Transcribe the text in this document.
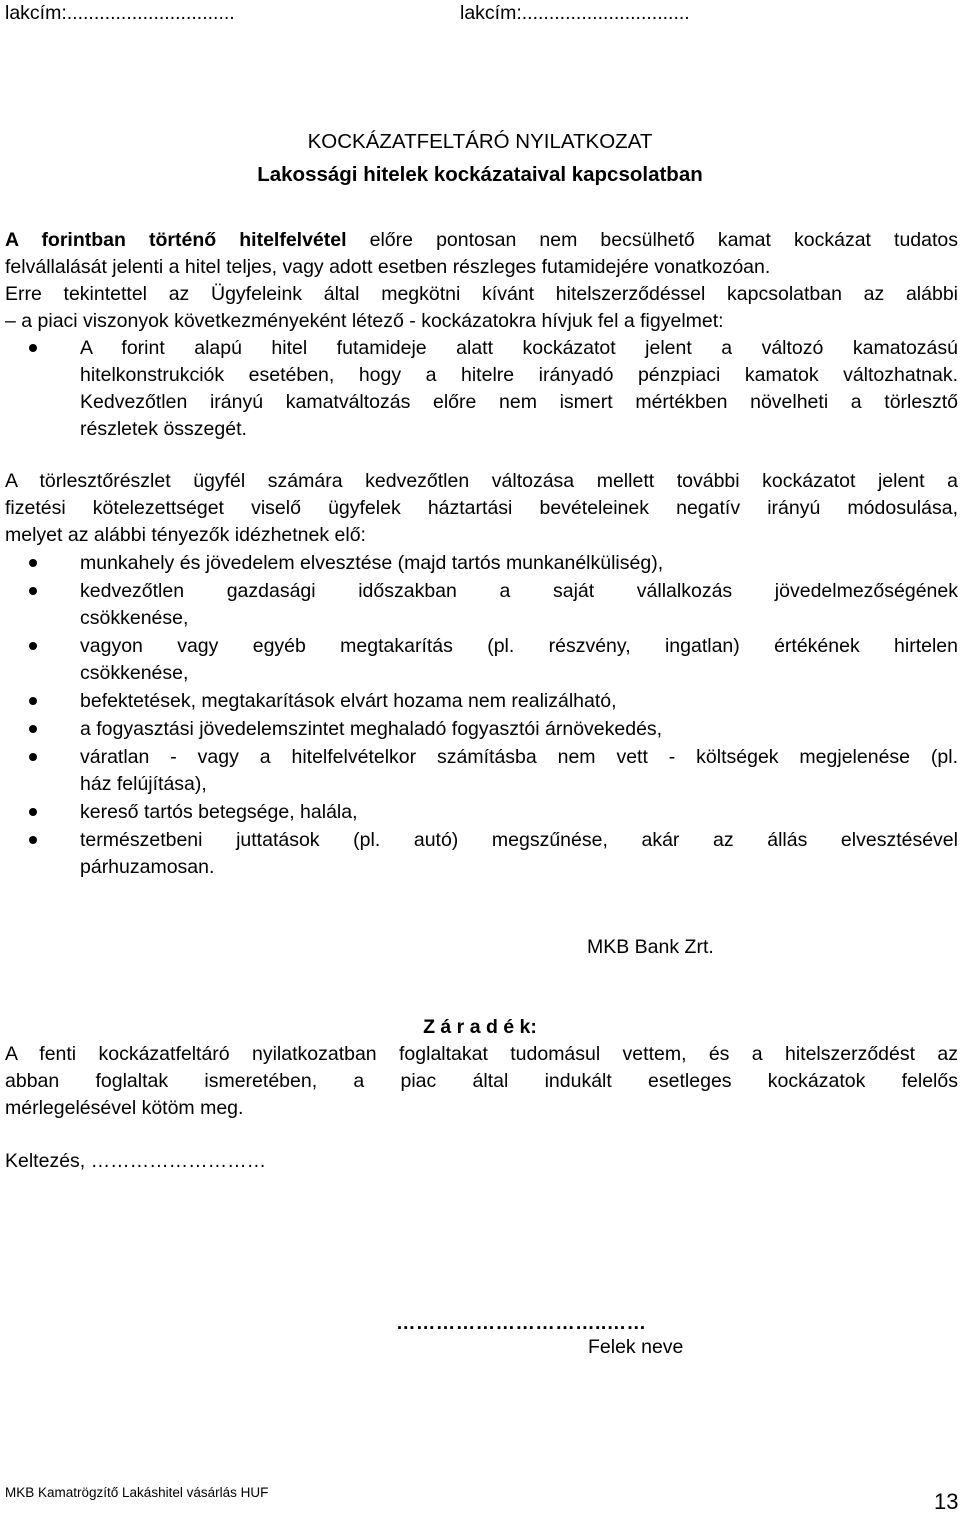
lakcím:...............................	lakcím:...............................
KOCKÁZATFELTÁRÓ NYILATKOZAT
Lakossági hitelek kockázataival kapcsolatban
A forintban történő hitelfelvétel előre pontosan nem becsülhető kamat kockázat tudatos
felvállalását jelenti a hitel teljes, vagy adott esetben részleges futamidejére vonatkozóan.
Erre tekintettel az Ügyfeleink által megkötni kívánt hitelszerződéssel kapcsolatban az alábbi
– a piaci viszonyok következményeként létező - kockázatokra hívjuk fel a figyelmet:
A forint alapú hitel futamideje alatt kockázatot jelent a változó kamatozású
hitelkonstrukciók esetében, hogy a hitelre irányadó pénzpiaci kamatok változhatnak.
Kedvezőtlen irányú kamatváltozás előre nem ismert mértékben növelheti a törlesztő
részletek összegét.
A törlesztőrészlet ügyfél számára kedvezőtlen változása mellett további kockázatot jelent a
fizetési kötelezettséget viselő ügyfelek háztartási bevételeinek negatív irányú módosulása,
melyet az alábbi tényezők idézhetnek elő:
munkahely és jövedelem elvesztése (majd tartós munkanélküliség),
kedvezőtlen gazdasági időszakban a saját vállalkozás jövedelmezőségének
csökkenése,
vagyon vagy egyéb megtakarítás (pl. részvény, ingatlan) értékének hirtelen
csökkenése,
befektetések, megtakarítások elvárt hozama nem realizálható,
a fogyasztási jövedelemszintet meghaladó fogyasztói árnövekedés,
váratlan - vagy a hitelfelvételkor számításba nem vett - költségek megjelenése (pl.
ház felújítása),
kereső tartós betegsége, halála,
természetbeni juttatások (pl. autó) megszűnése, akár az állás elvesztésével
párhuzamosan.
MKB Bank Zrt.
Z á r a d é k:
A fenti kockázatfeltáró nyilatkozatban foglaltakat tudomásul vettem, és a hitelszerződést az
abban foglaltak ismeretében, a piac által indukált esetleges kockázatok felelős
mérlegelésével kötöm meg.
Keltezés, ………………………
…………………………..……
Felek neve
MKB Kamatrögzítő Lakáshitel vásárlás HUF	13
